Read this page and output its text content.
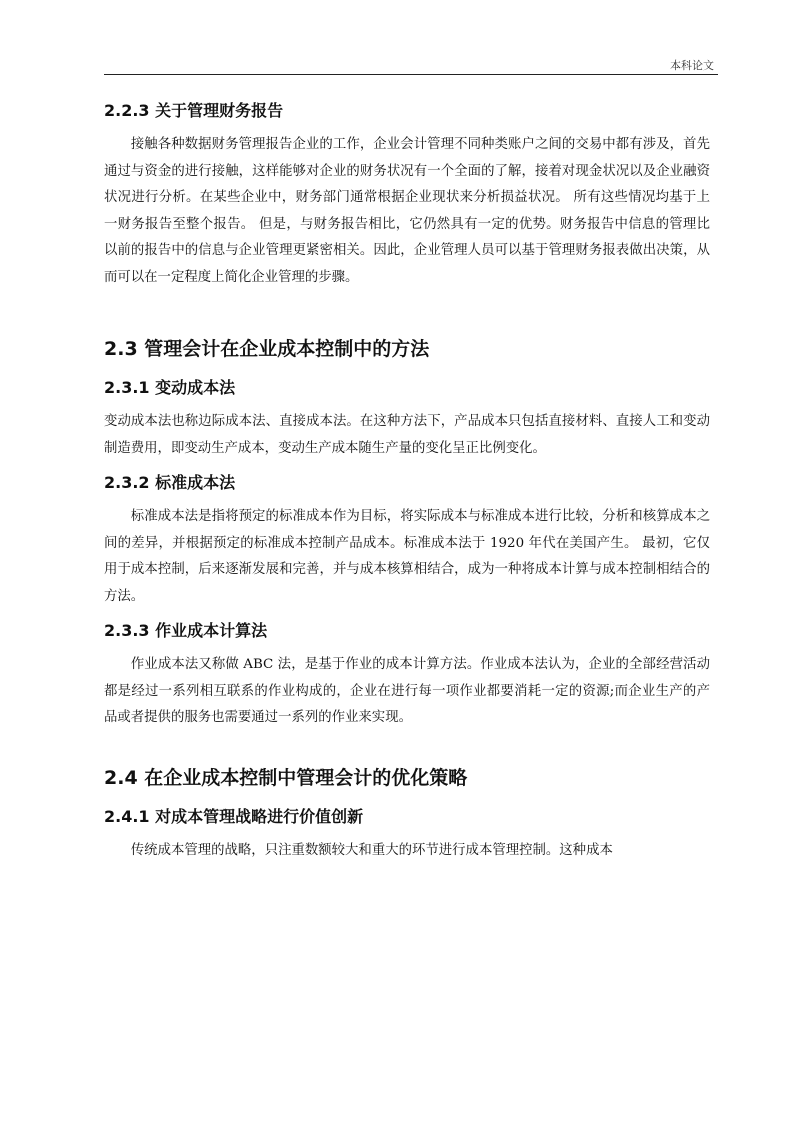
本科论文
2.2.3 关于管理财务报告

接触各种数据财务管理报告企业的工作，企业会计管理不同种类账户之间的交易中都有涉及，首先通过与资金的进行接触，这样能够对企业的财务状况有一个全面的了解，接着对现金状况以及企业融资状况进行分析。在某些企业中，财务部门通常根据企业现状来分析损益状况。 所有这些情况均基于上一财务报告至整个报告。 但是，与财务报告相比，它仍然具有一定的优势。财务报告中信息的管理比以前的报告中的信息与企业管理更紧密相关。因此，企业管理人员可以基于管理财务报表做出决策，从而可以在一定程度上简化企业管理的步骤。

2.3 管理会计在企业成本控制中的方法
2.3.1 变动成本法

变动成本法也称边际成本法、直接成本法。在这种方法下，产品成本只包括直接材料、直接人工和变动制造费用，即变动生产成本，变动生产成本随生产量的变化呈正比例变化。

2.3.2 标准成本法

标准成本法是指将预定的标准成本作为目标，将实际成本与标准成本进行比较，分析和核算成本之间的差异，并根据预定的标准成本控制产品成本。标准成本法于 1920 年代在美国产生。 最初，它仅用于成本控制，后来逐渐发展和完善，并与成本核算相结合，成为一种将成本计算与成本控制相结合的方法。

2.3.3 作业成本计算法

作业成本法又称做 ABC 法，是基于作业的成本计算方法。作业成本法认为，企业的全部经营活动都是经过一系列相互联系的作业构成的，企业在进行每一项作业都要消耗一定的资源;而企业生产的产品或者提供的服务也需要通过一系列的作业来实现。

2.4 在企业成本控制中管理会计的优化策略
2.4.1 对成本管理战略进行价值创新

传统成本管理的战略，只注重数额较大和重大的环节进行成本管理控制。这种成本
